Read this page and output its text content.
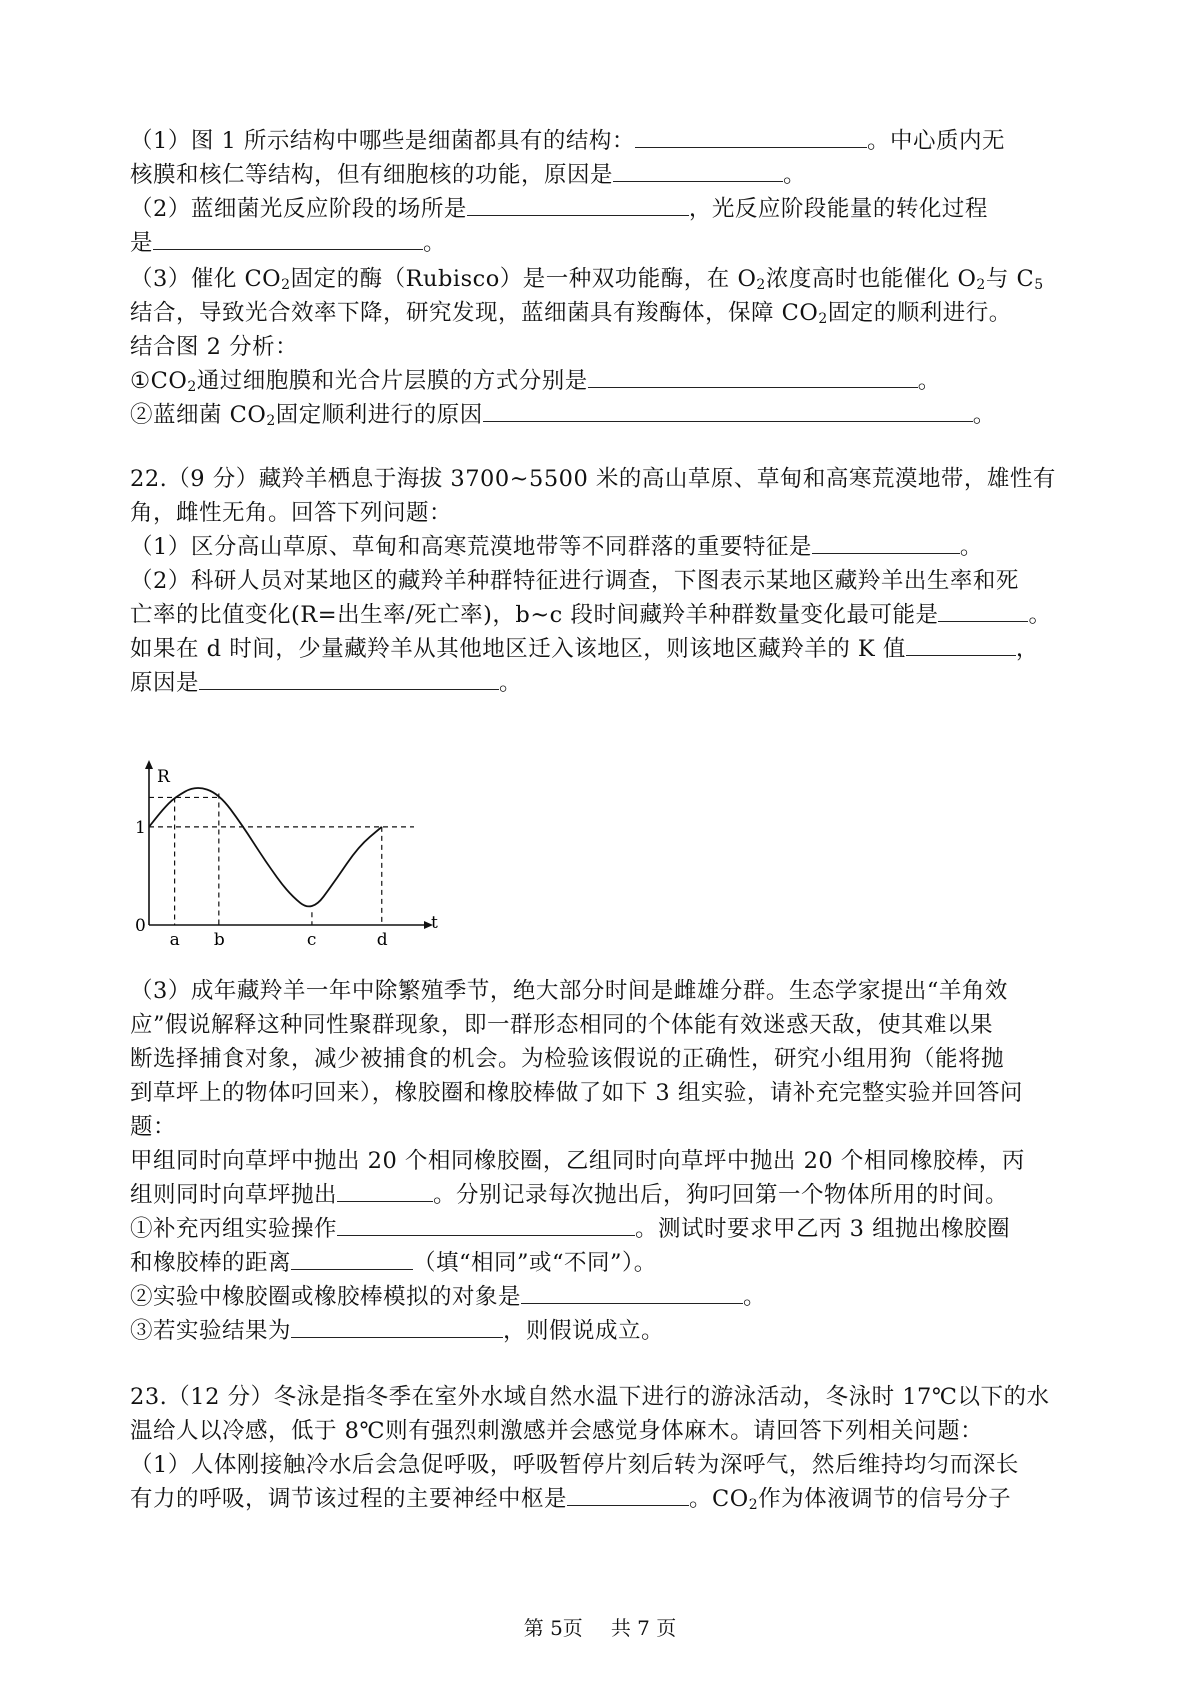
（1）图 1 所示结构中哪些是细菌都具有的结构：	。中心质内无
核膜和核仁等结构，但有细胞核的功能，原因是	。
（2）蓝细菌光反应阶段的场所是	，光反应阶段能量的转化过程
是	。
（3）催化 $CO_2$固定的酶（Rubisco）是一种双功能酶，在 $O_2$浓度高时也能催化 $O_2$与 $C_5$
结合，导致光合效率下降，研究发现，蓝细菌具有羧酶体，保障 $CO_2$固定的顺利进行。
结合图 2 分析：
$①CO_2$通过细胞膜和光合片层膜的方式分别是	。
②蓝细菌 $CO_2$固定顺利进行的原因	。
22.（9 分）藏羚羊栖息于海拔 3700~5500 米的高山草原、草甸和高寒荒漠地带，雄性有
角，雌性无角。回答下列问题：
（1）区分高山草原、草甸和高寒荒漠地带等不同群落的重要特征是	。
（2）科研人员对某地区的藏羚羊种群特征进行调查，下图表示某地区藏羚羊出生率和死
亡率的比值变化(R=出生率/死亡率)，b~c 段时间藏羚羊种群数量变化最可能是	。
如果在 d 时间，少量藏羚羊从其他地区迁入该地区，则该地区藏羚羊的 K 值	，
原因是	。
R
t
0
1
a b	c	d
（3）成年藏羚羊一年中除繁殖季节，绝大部分时间是雌雄分群。生态学家提出“羊角效
应”假说解释这种同性聚群现象，即一群形态相同的个体能有效迷惑天敌，使其难以果
断选择捕食对象，减少被捕食的机会。为检验该假说的正确性，研究小组用狗（能将抛
到草坪上的物体叼回来），橡胶圈和橡胶棒做了如下 3 组实验，请补充完整实验并回答问
题：
甲组同时向草坪中抛出 20 个相同橡胶圈，乙组同时向草坪中抛出 20 个相同橡胶棒，丙
组则同时向草坪抛出	。分别记录每次抛出后，狗叼回第一个物体所用的时间。
①补充丙组实验操作	。测试时要求甲乙丙 3 组抛出橡胶圈
和橡胶棒的距离	（填“相同”或“不同”）。
②实验中橡胶圈或橡胶棒模拟的对象是	。
③若实验结果为	，则假说成立。
23.（12 分）冬泳是指冬季在室外水域自然水温下进行的游泳活动，冬泳时 17℃以下的水
温给人以冷感，低于 8℃则有强烈刺激感并会感觉身体麻木。请回答下列相关问题：
（1）人体刚接触冷水后会急促呼吸，呼吸暂停片刻后转为深呼气，然后维持均匀而深长
有力的呼吸，调节该过程的主要神经中枢是	。$CO_2$作为体液调节的信号分子
第 5页 共 7 页
